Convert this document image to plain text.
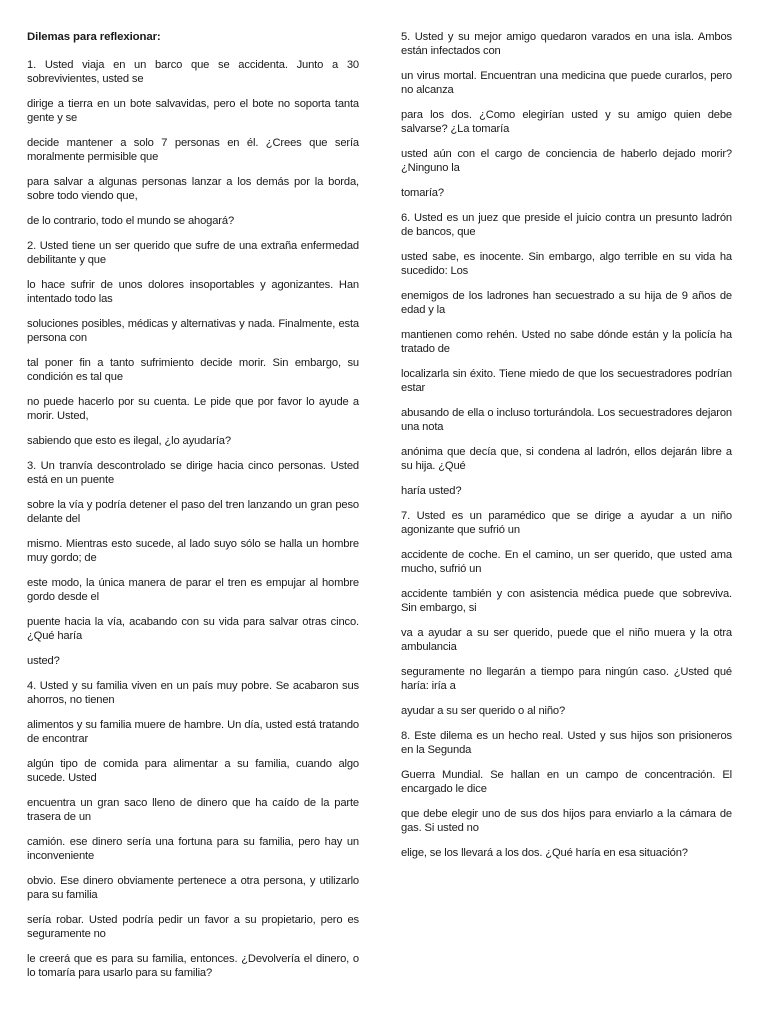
Dilemas para reflexionar:
1. Usted viaja en un barco que se accidenta. Junto a 30 sobrevivientes, usted se
dirige a tierra en un bote salvavidas, pero el bote no soporta tanta gente y se
decide mantener a solo 7 personas en él. ¿Crees que sería moralmente permisible que
para salvar a algunas personas lanzar a los demás por la borda, sobre todo viendo que,
de lo contrario, todo el mundo se ahogará?
2. Usted tiene un ser querido que sufre de una extraña enfermedad debilitante y que
lo hace sufrir de unos dolores insoportables y agonizantes. Han intentado todo las
soluciones posibles, médicas y alternativas y nada. Finalmente, esta persona con
tal poner fin a tanto sufrimiento decide morir. Sin embargo, su condición es tal que
no puede hacerlo por su cuenta. Le pide que por favor lo ayude a morir. Usted,
sabiendo que esto es ilegal, ¿lo ayudaría?
3. Un tranvía descontrolado se dirige hacia cinco personas. Usted está en un puente
sobre la vía y podría detener el paso del tren lanzando un gran peso delante del
mismo. Mientras esto sucede, al lado suyo sólo se halla un hombre muy gordo; de
este modo, la única manera de parar el tren es empujar al hombre gordo desde el
puente hacia la vía, acabando con su vida para salvar otras cinco. ¿Qué haría
usted?
4. Usted y su familia viven en un país muy pobre. Se acabaron sus ahorros, no tienen
alimentos y su familia muere de hambre. Un día, usted está tratando de encontrar
algún tipo de comida para alimentar a su familia, cuando algo sucede. Usted
encuentra un gran saco lleno de dinero que ha caído de la parte trasera de un
camión. ese dinero sería una fortuna para su familia, pero hay un inconveniente
obvio. Ese dinero obviamente pertenece a otra persona, y utilizarlo para su familia
sería robar. Usted podría pedir un favor a su propietario, pero es seguramente no
le creerá que es para su familia, entonces. ¿Devolvería el dinero, o lo tomaría para usarlo para su familia?
5. Usted y su mejor amigo quedaron varados en una isla. Ambos están infectados con
un virus mortal. Encuentran una medicina que puede curarlos, pero no alcanza
para los dos. ¿Como elegirían usted y su amigo quien debe salvarse? ¿La tomaría
usted aún con el cargo de conciencia de haberlo dejado morir? ¿Ninguno la
tomaría?
6. Usted es un juez que preside el juicio contra un presunto ladrón de bancos, que
usted sabe, es inocente. Sin embargo, algo terrible en su vida ha sucedido: Los
enemigos de los ladrones han secuestrado a su hija de 9 años de edad y la
mantienen como rehén. Usted no sabe dónde están y la policía ha tratado de
localizarla sin éxito. Tiene miedo de que los secuestradores podrían estar
abusando de ella o incluso torturándola. Los secuestradores dejaron una nota
anónima que decía que, si condena al ladrón, ellos dejarán libre a su hija. ¿Qué
haría usted?
7. Usted es un paramédico que se dirige a ayudar a un niño agonizante que sufrió un
accidente de coche. En el camino, un ser querido, que usted ama mucho, sufrió un
accidente también y con asistencia médica puede que sobreviva. Sin embargo, si
va a ayudar a su ser querido, puede que el niño muera y la otra ambulancia
seguramente no llegarán a tiempo para ningún caso. ¿Usted qué haría: iría a
ayudar a su ser querido o al niño?
8. Este dilema es un hecho real. Usted y sus hijos son prisioneros en la Segunda
Guerra Mundial. Se hallan en un campo de concentración. El encargado le dice
que debe elegir uno de sus dos hijos para enviarlo a la cámara de gas. Si usted no
elige, se los llevará a los dos. ¿Qué haría en esa situación?
